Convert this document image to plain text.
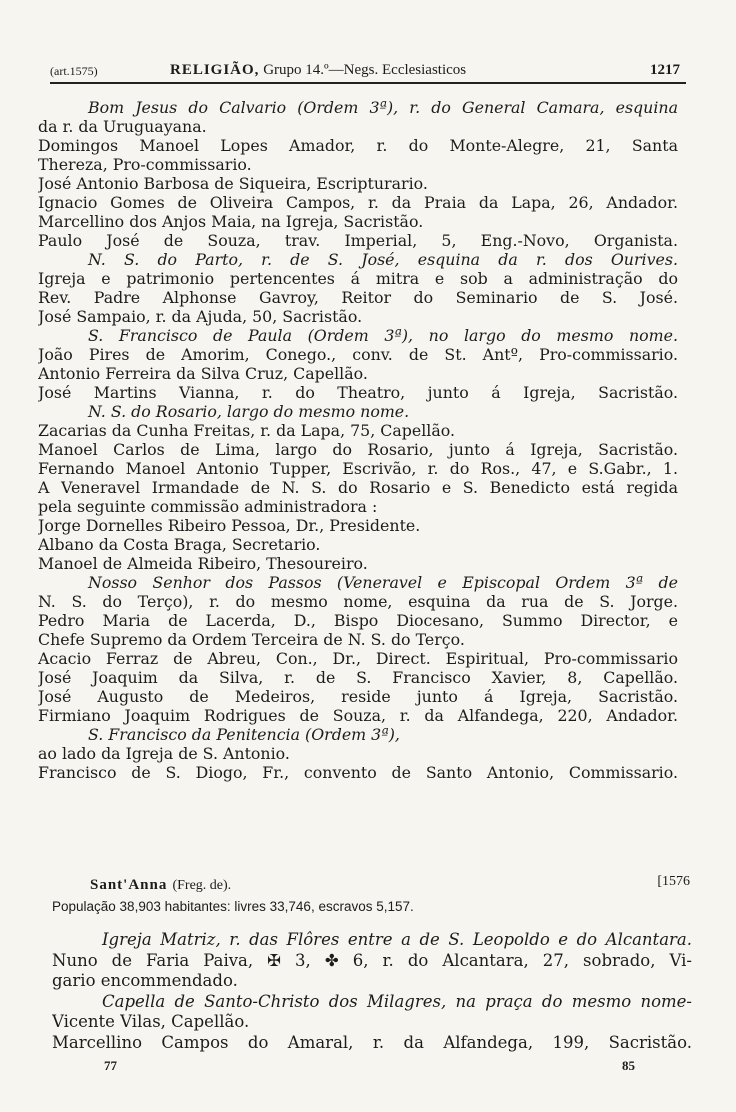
(art.1575)	RELIGIÃO, Grupo 14.º—Negs. Ecclesiasticos	1217
Bom Jesus do Calvario (Ordem 3ª), r. do General Camara, esquina
da r. da Uruguayana.
Domingos Manoel Lopes Amador, r. do Monte-Alegre, 21, Santa
Thereza, Pro-commissario.
José Antonio Barbosa de Siqueira, Escripturario.
Ignacio Gomes de Oliveira Campos, r. da Praia da Lapa, 26, Andador.
Marcellino dos Anjos Maia, na Igreja, Sacristão.
Paulo José de Souza, trav. Imperial, 5, Eng.-Novo, Organista.
N. S. do Parto, r. de S. José, esquina da r. dos Ourives.
Igreja e patrimonio pertencentes á mitra e sob a administração do
Rev. Padre Alphonse Gavroy, Reitor do Seminario de S. José.
José Sampaio, r. da Ajuda, 50, Sacristão.
S. Francisco de Paula (Ordem 3ª), no largo do mesmo nome.
João Pires de Amorim, Conego., conv. de St. Antº, Pro-commissario.
Antonio Ferreira da Silva Cruz, Capellão.
José Martins Vianna, r. do Theatro, junto á Igreja, Sacristão.
N. S. do Rosario, largo do mesmo nome.
Zacarias da Cunha Freitas, r. da Lapa, 75, Capellão.
Manoel Carlos de Lima, largo do Rosario, junto á Igreja, Sacristão.
Fernando Manoel Antonio Tupper, Escrivão, r. do Ros., 47, e S.Gabr., 1.
A Veneravel Irmandade de N. S. do Rosario e S. Benedicto está regida
pela seguinte commissão administradora :
Jorge Dornelles Ribeiro Pessoa, Dr., Presidente.
Albano da Costa Braga, Secretario.
Manoel de Almeida Ribeiro, Thesoureiro.
Nosso Senhor dos Passos (Veneravel e Episcopal Ordem 3ª de
N. S. do Terço), r. do mesmo nome, esquina da rua de S. Jorge.
Pedro Maria de Lacerda, D., Bispo Diocesano, Summo Director, e
Chefe Supremo da Ordem Terceira de N. S. do Terço.
Acacio Ferraz de Abreu, Con., Dr., Direct. Espiritual, Pro-commissario
José Joaquim da Silva, r. de S. Francisco Xavier, 8, Capellão.
José Augusto de Medeiros, reside junto á Igreja, Sacristão.
Firmiano Joaquim Rodrigues de Souza, r. da Alfandega, 220, Andador.
S. Francisco da Penitencia (Ordem 3ª),
ao lado da Igreja de S. Antonio.
Francisco de S. Diogo, Fr., convento de Santo Antonio, Commissario.
Sant'Anna (Freg. de).	[1576
População 38,903 habitantes: livres 33,746, escravos 5,157.
Igreja Matriz, r. das Flôres entre a de S. Leopoldo e do Alcantara.
Nuno de Faria Paiva, ✠ 3, ✤ 6, r. do Alcantara, 27, sobrado, Vi-
gario encommendado.
Capella de Santo-Christo dos Milagres, na praça do mesmo nome-
Vicente Vilas, Capellão.
Marcellino Campos do Amaral, r. da Alfandega, 199, Sacristão.
77	85
